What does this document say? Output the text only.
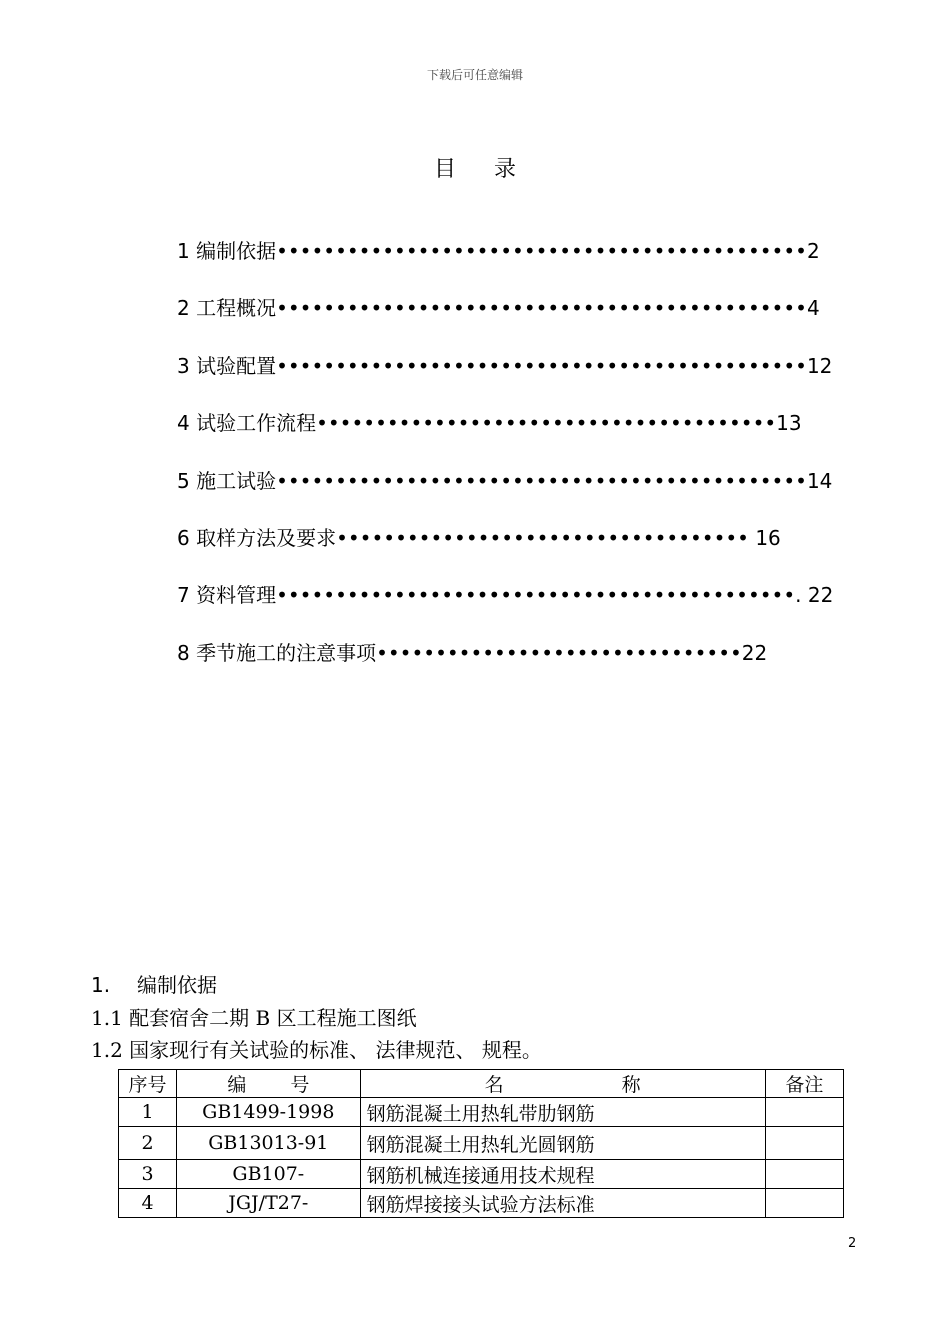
下载后可任意编辑
目录
1 编制依据•••••••••••••••••••••••••••••••••••••••••••••2
2 工程概况•••••••••••••••••••••••••••••••••••••••••••••4
3 试验配置•••••••••••••••••••••••••••••••••••••••••••••12
4 试验工作流程•••••••••••••••••••••••••••••••••••••••13
5 施工试验•••••••••••••••••••••••••••••••••••••••••••••14
6 取样方法及要求••••••••••••••••••••••••••••••••••• 16
7 资料管理••••••••••••••••••••••••••••••••••••••••••••. 22
8 季节施工的注意事项•••••••••••••••••••••••••••••••22
1. 编制依据
1.1 配套宿舍二期 B 区工程施工图纸
1.2 国家现行有关试验的标准、 法律规范、 规程。
序号	编号	名称	备注
1	GB1499-1998	钢筋混凝土用热轧带肋钢筋	
2	GB13013-91	钢筋混凝土用热轧光圆钢筋	
3	GB107-	钢筋机械连接通用技术规程	
4	JGJ/T27-	钢筋焊接接头试验方法标准	
2
